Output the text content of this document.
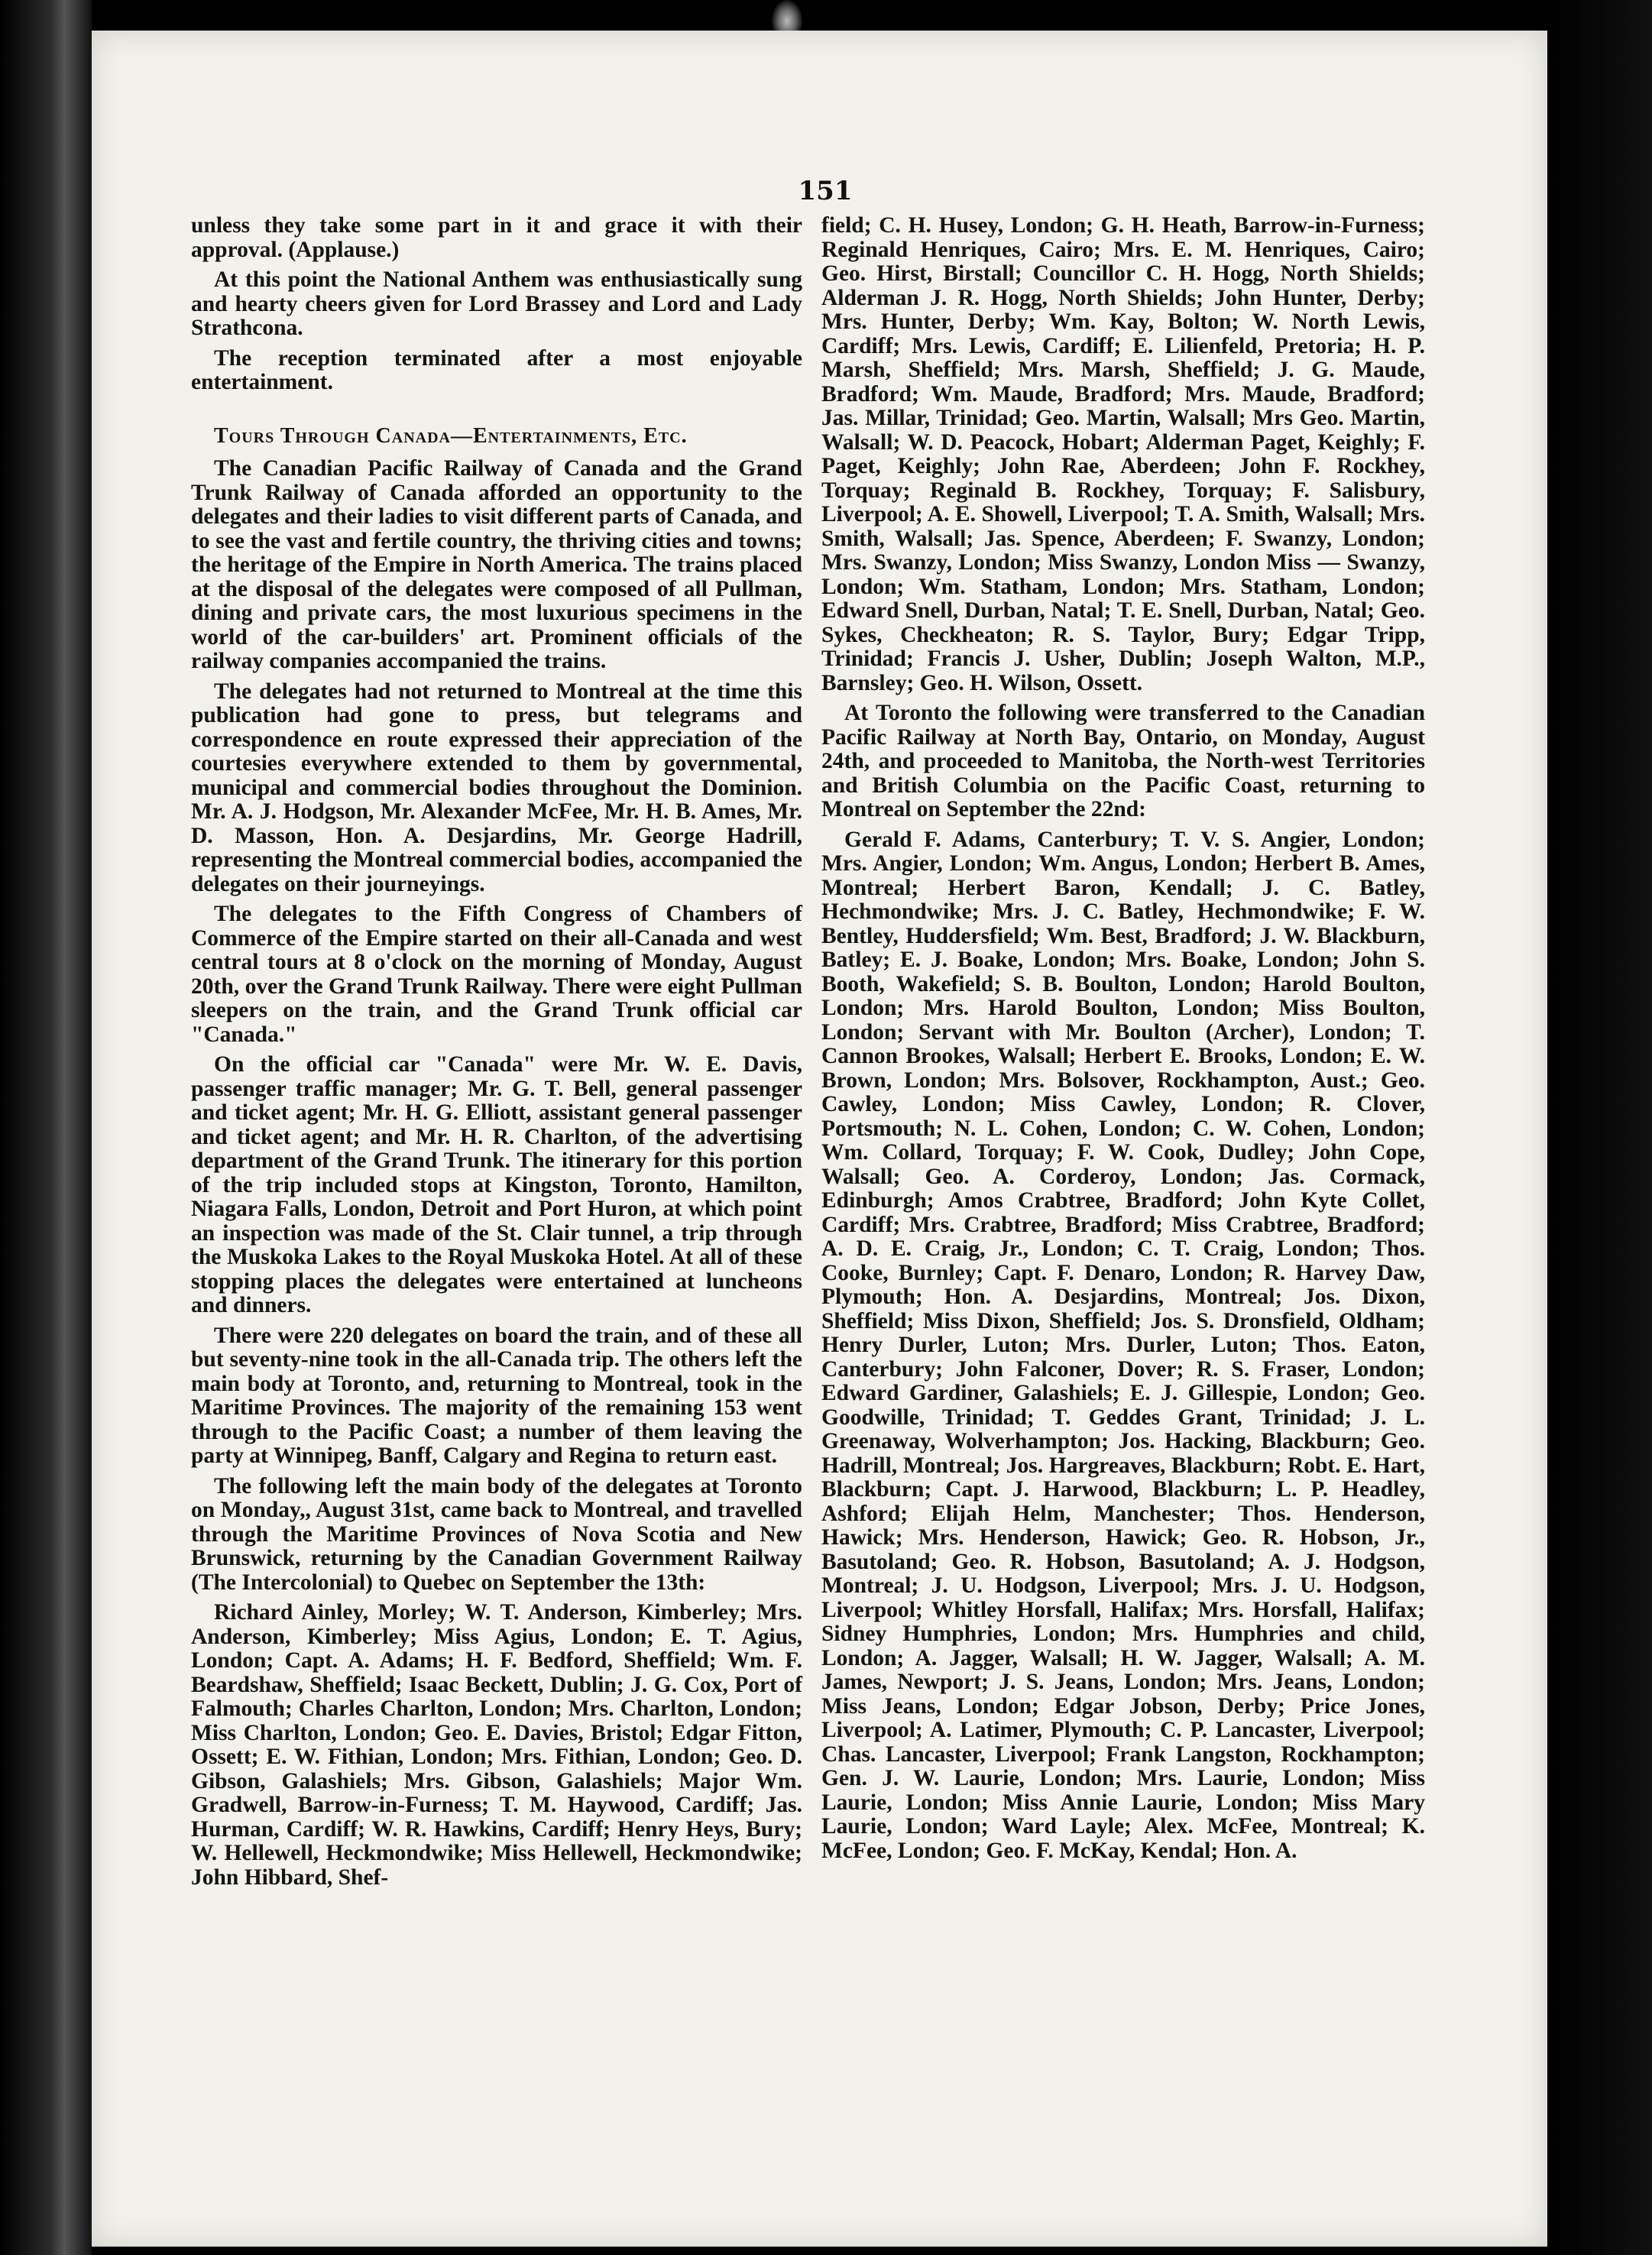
151

unless they take some part in it and grace it with their approval. (Applause.)

At this point the National Anthem was enthusiastically sung and hearty cheers given for Lord Brassey and Lord and Lady Strathcona.

The reception terminated after a most enjoyable entertainment.

Tours Through Canada—Entertainments, Etc.

The Canadian Pacific Railway of Canada and the Grand Trunk Railway of Canada afforded an opportunity to the delegates and their ladies to visit different parts of Canada, and to see the vast and fertile country, the thriving cities and towns; the heritage of the Empire in North America. The trains placed at the disposal of the delegates were composed of all Pullman, dining and private cars, the most luxurious specimens in the world of the car-builders' art. Prominent officials of the railway companies accompanied the trains.

The delegates had not returned to Montreal at the time this publication had gone to press, but telegrams and correspondence en route expressed their appreciation of the courtesies everywhere extended to them by governmental, municipal and commercial bodies throughout the Dominion. Mr. A. J. Hodgson, Mr. Alexander McFee, Mr. H. B. Ames, Mr. D. Masson, Hon. A. Desjardins, Mr. George Hadrill, representing the Montreal commercial bodies, accompanied the delegates on their journeyings.

The delegates to the Fifth Congress of Chambers of Commerce of the Empire started on their all-Canada and west central tours at 8 o'clock on the morning of Monday, August 20th, over the Grand Trunk Railway. There were eight Pullman sleepers on the train, and the Grand Trunk official car "Canada."

On the official car "Canada" were Mr. W. E. Davis, passenger traffic manager; Mr. G. T. Bell, general passenger and ticket agent; Mr. H. G. Elliott, assistant general passenger and ticket agent; and Mr. H. R. Charlton, of the advertising department of the Grand Trunk. The itinerary for this portion of the trip included stops at Kingston, Toronto, Hamilton, Niagara Falls, London, Detroit and Port Huron, at which point an inspection was made of the St. Clair tunnel, a trip through the Muskoka Lakes to the Royal Muskoka Hotel. At all of these stopping places the delegates were entertained at luncheons and dinners.

There were 220 delegates on board the train, and of these all but seventy-nine took in the all-Canada trip. The others left the main body at Toronto, and, returning to Montreal, took in the Maritime Provinces. The majority of the remaining 153 went through to the Pacific Coast; a number of them leaving the party at Winnipeg, Banff, Calgary and Regina to return east.

The following left the main body of the delegates at Toronto on Monday,, August 31st, came back to Montreal, and travelled through the Maritime Provinces of Nova Scotia and New Brunswick, returning by the Canadian Government Railway (The Intercolonial) to Quebec on September the 13th:

Richard Ainley, Morley; W. T. Anderson, Kimberley; Mrs. Anderson, Kimberley; Miss Agius, London; E. T. Agius, London; Capt. A. Adams; H. F. Bedford, Sheffield; Wm. F. Beardshaw, Sheffield; Isaac Beckett, Dublin; J. G. Cox, Port of Falmouth; Charles Charlton, London; Mrs. Charlton, London; Miss Charlton, London; Geo. E. Davies, Bristol; Edgar Fitton, Ossett; E. W. Fithian, London; Mrs. Fithian, London; Geo. D. Gibson, Galashiels; Mrs. Gibson, Galashiels; Major Wm. Gradwell, Barrow-in-Furness; T. M. Haywood, Cardiff; Jas. Hurman, Cardiff; W. R. Hawkins, Cardiff; Henry Heys, Bury; W. Hellewell, Heckmondwike; Miss Hellewell, Heckmondwike; John Hibbard, Shef-

field; C. H. Husey, London; G. H. Heath, Barrow-in-Furness; Reginald Henriques, Cairo; Mrs. E. M. Henriques, Cairo; Geo. Hirst, Birstall; Councillor C. H. Hogg, North Shields; Alderman J. R. Hogg, North Shields; John Hunter, Derby; Mrs. Hunter, Derby; Wm. Kay, Bolton; W. North Lewis, Cardiff; Mrs. Lewis, Cardiff; E. Lilienfeld, Pretoria; H. P. Marsh, Sheffield; Mrs. Marsh, Sheffield; J. G. Maude, Bradford; Wm. Maude, Bradford; Mrs. Maude, Bradford; Jas. Millar, Trinidad; Geo. Martin, Walsall; Mrs Geo. Martin, Walsall; W. D. Peacock, Hobart; Alderman Paget, Keighly; F. Paget, Keighly; John Rae, Aberdeen; John F. Rockhey, Torquay; Reginald B. Rockhey, Torquay; F. Salisbury, Liverpool; A. E. Showell, Liverpool; T. A. Smith, Walsall; Mrs. Smith, Walsall; Jas. Spence, Aberdeen; F. Swanzy, London; Mrs. Swanzy, London; Miss Swanzy, London Miss — Swanzy, London; Wm. Statham, London; Mrs. Statham, London; Edward Snell, Durban, Natal; T. E. Snell, Durban, Natal; Geo. Sykes, Checkheaton; R. S. Taylor, Bury; Edgar Tripp, Trinidad; Francis J. Usher, Dublin; Joseph Walton, M.P., Barnsley; Geo. H. Wilson, Ossett.

At Toronto the following were transferred to the Canadian Pacific Railway at North Bay, Ontario, on Monday, August 24th, and proceeded to Manitoba, the North-west Territories and British Columbia on the Pacific Coast, returning to Montreal on September the 22nd:

Gerald F. Adams, Canterbury; T. V. S. Angier, London; Mrs. Angier, London; Wm. Angus, London; Herbert B. Ames, Montreal; Herbert Baron, Kendall; J. C. Batley, Hechmondwike; Mrs. J. C. Batley, Hechmondwike; F. W. Bentley, Huddersfield; Wm. Best, Bradford; J. W. Blackburn, Batley; E. J. Boake, London; Mrs. Boake, London; John S. Booth, Wakefield; S. B. Boulton, London; Harold Boulton, London; Mrs. Harold Boulton, London; Miss Boulton, London; Servant with Mr. Boulton (Archer), London; T. Cannon Brookes, Walsall; Herbert E. Brooks, London; E. W. Brown, London; Mrs. Bolsover, Rockhampton, Aust.; Geo. Cawley, London; Miss Cawley, London; R. Clover, Portsmouth; N. L. Cohen, London; C. W. Cohen, London; Wm. Collard, Torquay; F. W. Cook, Dudley; John Cope, Walsall; Geo. A. Corderoy, London; Jas. Cormack, Edinburgh; Amos Crabtree, Bradford; John Kyte Collet, Cardiff; Mrs. Crabtree, Bradford; Miss Crabtree, Bradford; A. D. E. Craig, Jr., London; C. T. Craig, London; Thos. Cooke, Burnley; Capt. F. Denaro, London; R. Harvey Daw, Plymouth; Hon. A. Desjardins, Montreal; Jos. Dixon, Sheffield; Miss Dixon, Sheffield; Jos. S. Dronsfield, Oldham; Henry Durler, Luton; Mrs. Durler, Luton; Thos. Eaton, Canterbury; John Falconer, Dover; R. S. Fraser, London; Edward Gardiner, Galashiels; E. J. Gillespie, London; Geo. Goodwille, Trinidad; T. Geddes Grant, Trinidad; J. L. Greenaway, Wolverhampton; Jos. Hacking, Blackburn; Geo. Hadrill, Montreal; Jos. Hargreaves, Blackburn; Robt. E. Hart, Blackburn; Capt. J. Harwood, Blackburn; L. P. Headley, Ashford; Elijah Helm, Manchester; Thos. Henderson, Hawick; Mrs. Henderson, Hawick; Geo. R. Hobson, Jr., Basutoland; Geo. R. Hobson, Basutoland; A. J. Hodgson, Montreal; J. U. Hodgson, Liverpool; Mrs. J. U. Hodgson, Liverpool; Whitley Horsfall, Halifax; Mrs. Horsfall, Halifax; Sidney Humphries, London; Mrs. Humphries and child, London; A. Jagger, Walsall; H. W. Jagger, Walsall; A. M. James, Newport; J. S. Jeans, London; Mrs. Jeans, London; Miss Jeans, London; Edgar Jobson, Derby; Price Jones, Liverpool; A. Latimer, Plymouth; C. P. Lancaster, Liverpool; Chas. Lancaster, Liverpool; Frank Langston, Rockhampton; Gen. J. W. Laurie, London; Mrs. Laurie, London; Miss Laurie, London; Miss Annie Laurie, London; Miss Mary Laurie, London; Ward Layle; Alex. McFee, Montreal; K. McFee, London; Geo. F. McKay, Kendal; Hon. A.
